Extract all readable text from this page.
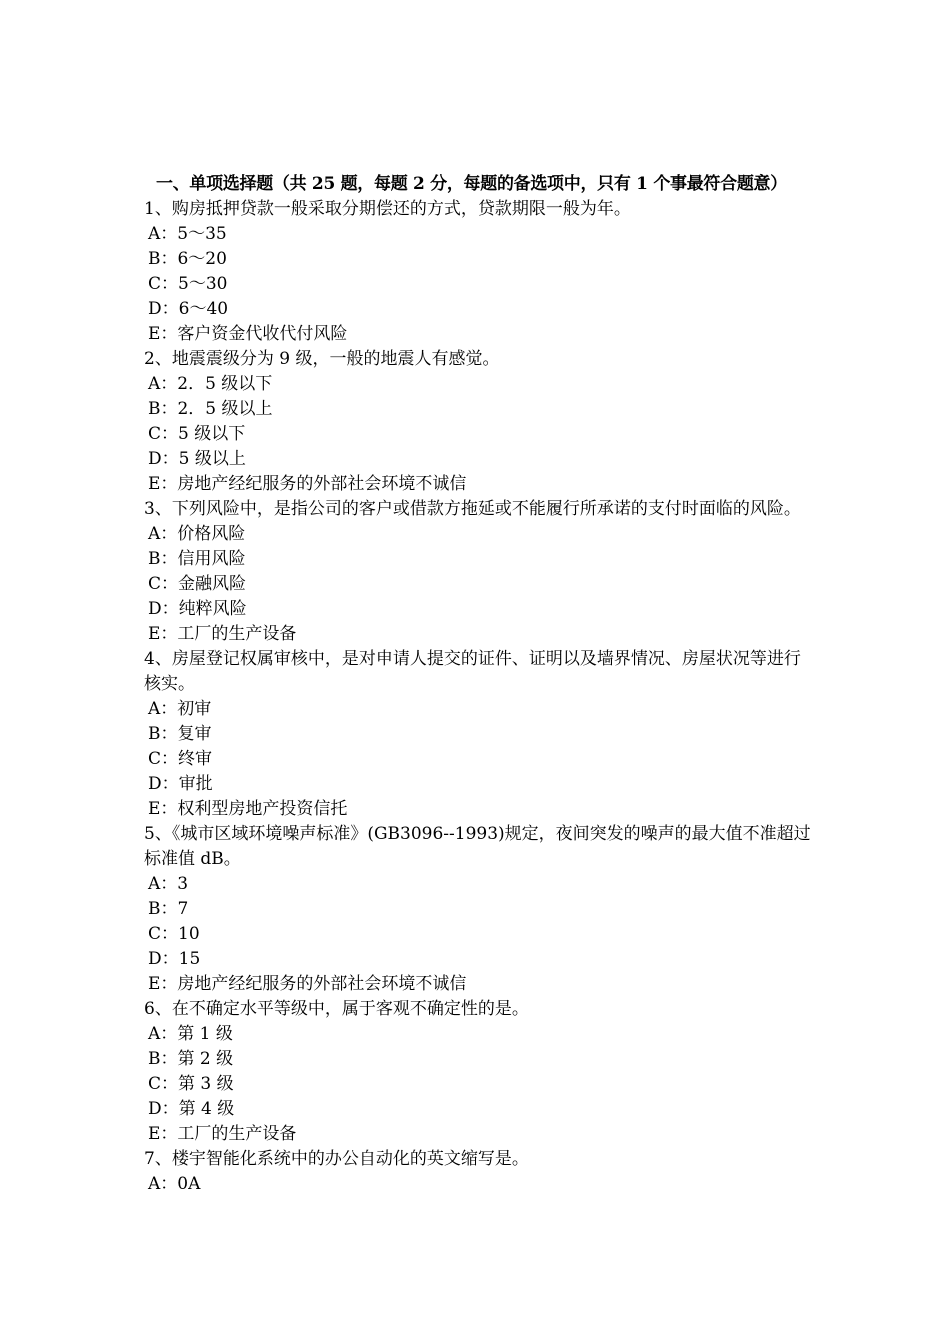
一、单项选择题（共 25 题，每题 2 分，每题的备选项中，只有 1 个事最符合题意）
1、购房抵押贷款一般采取分期偿还的方式，贷款期限一般为年。
A：5～35
B：6～20
C：5～30
D：6～40
E：客户资金代收代付风险
2、地震震级分为 9 级，一般的地震人有感觉。
A：2．5 级以下
B：2．5 级以上
C：5 级以下
D：5 级以上
E：房地产经纪服务的外部社会环境不诚信
3、下列风险中，是指公司的客户或借款方拖延或不能履行所承诺的支付时面临的风险。
A：价格风险
B：信用风险
C：金融风险
D：纯粹风险
E：工厂的生产设备
4、房屋登记权属审核中，是对申请人提交的证件、证明以及墙界情况、房屋状况等进行核实。
A：初审
B：复审
C：终审
D：审批
E：权利型房地产投资信托
5、《城市区域环境噪声标准》(GB3096--1993)规定，夜间突发的噪声的最大值不准超过标准值 dB。
A：3
B：7
C：10
D：15
E：房地产经纪服务的外部社会环境不诚信
6、在不确定水平等级中，属于客观不确定性的是。
A：第 1 级
B：第 2 级
C：第 3 级
D：第 4 级
E：工厂的生产设备
7、楼宇智能化系统中的办公自动化的英文缩写是。
A：0A
